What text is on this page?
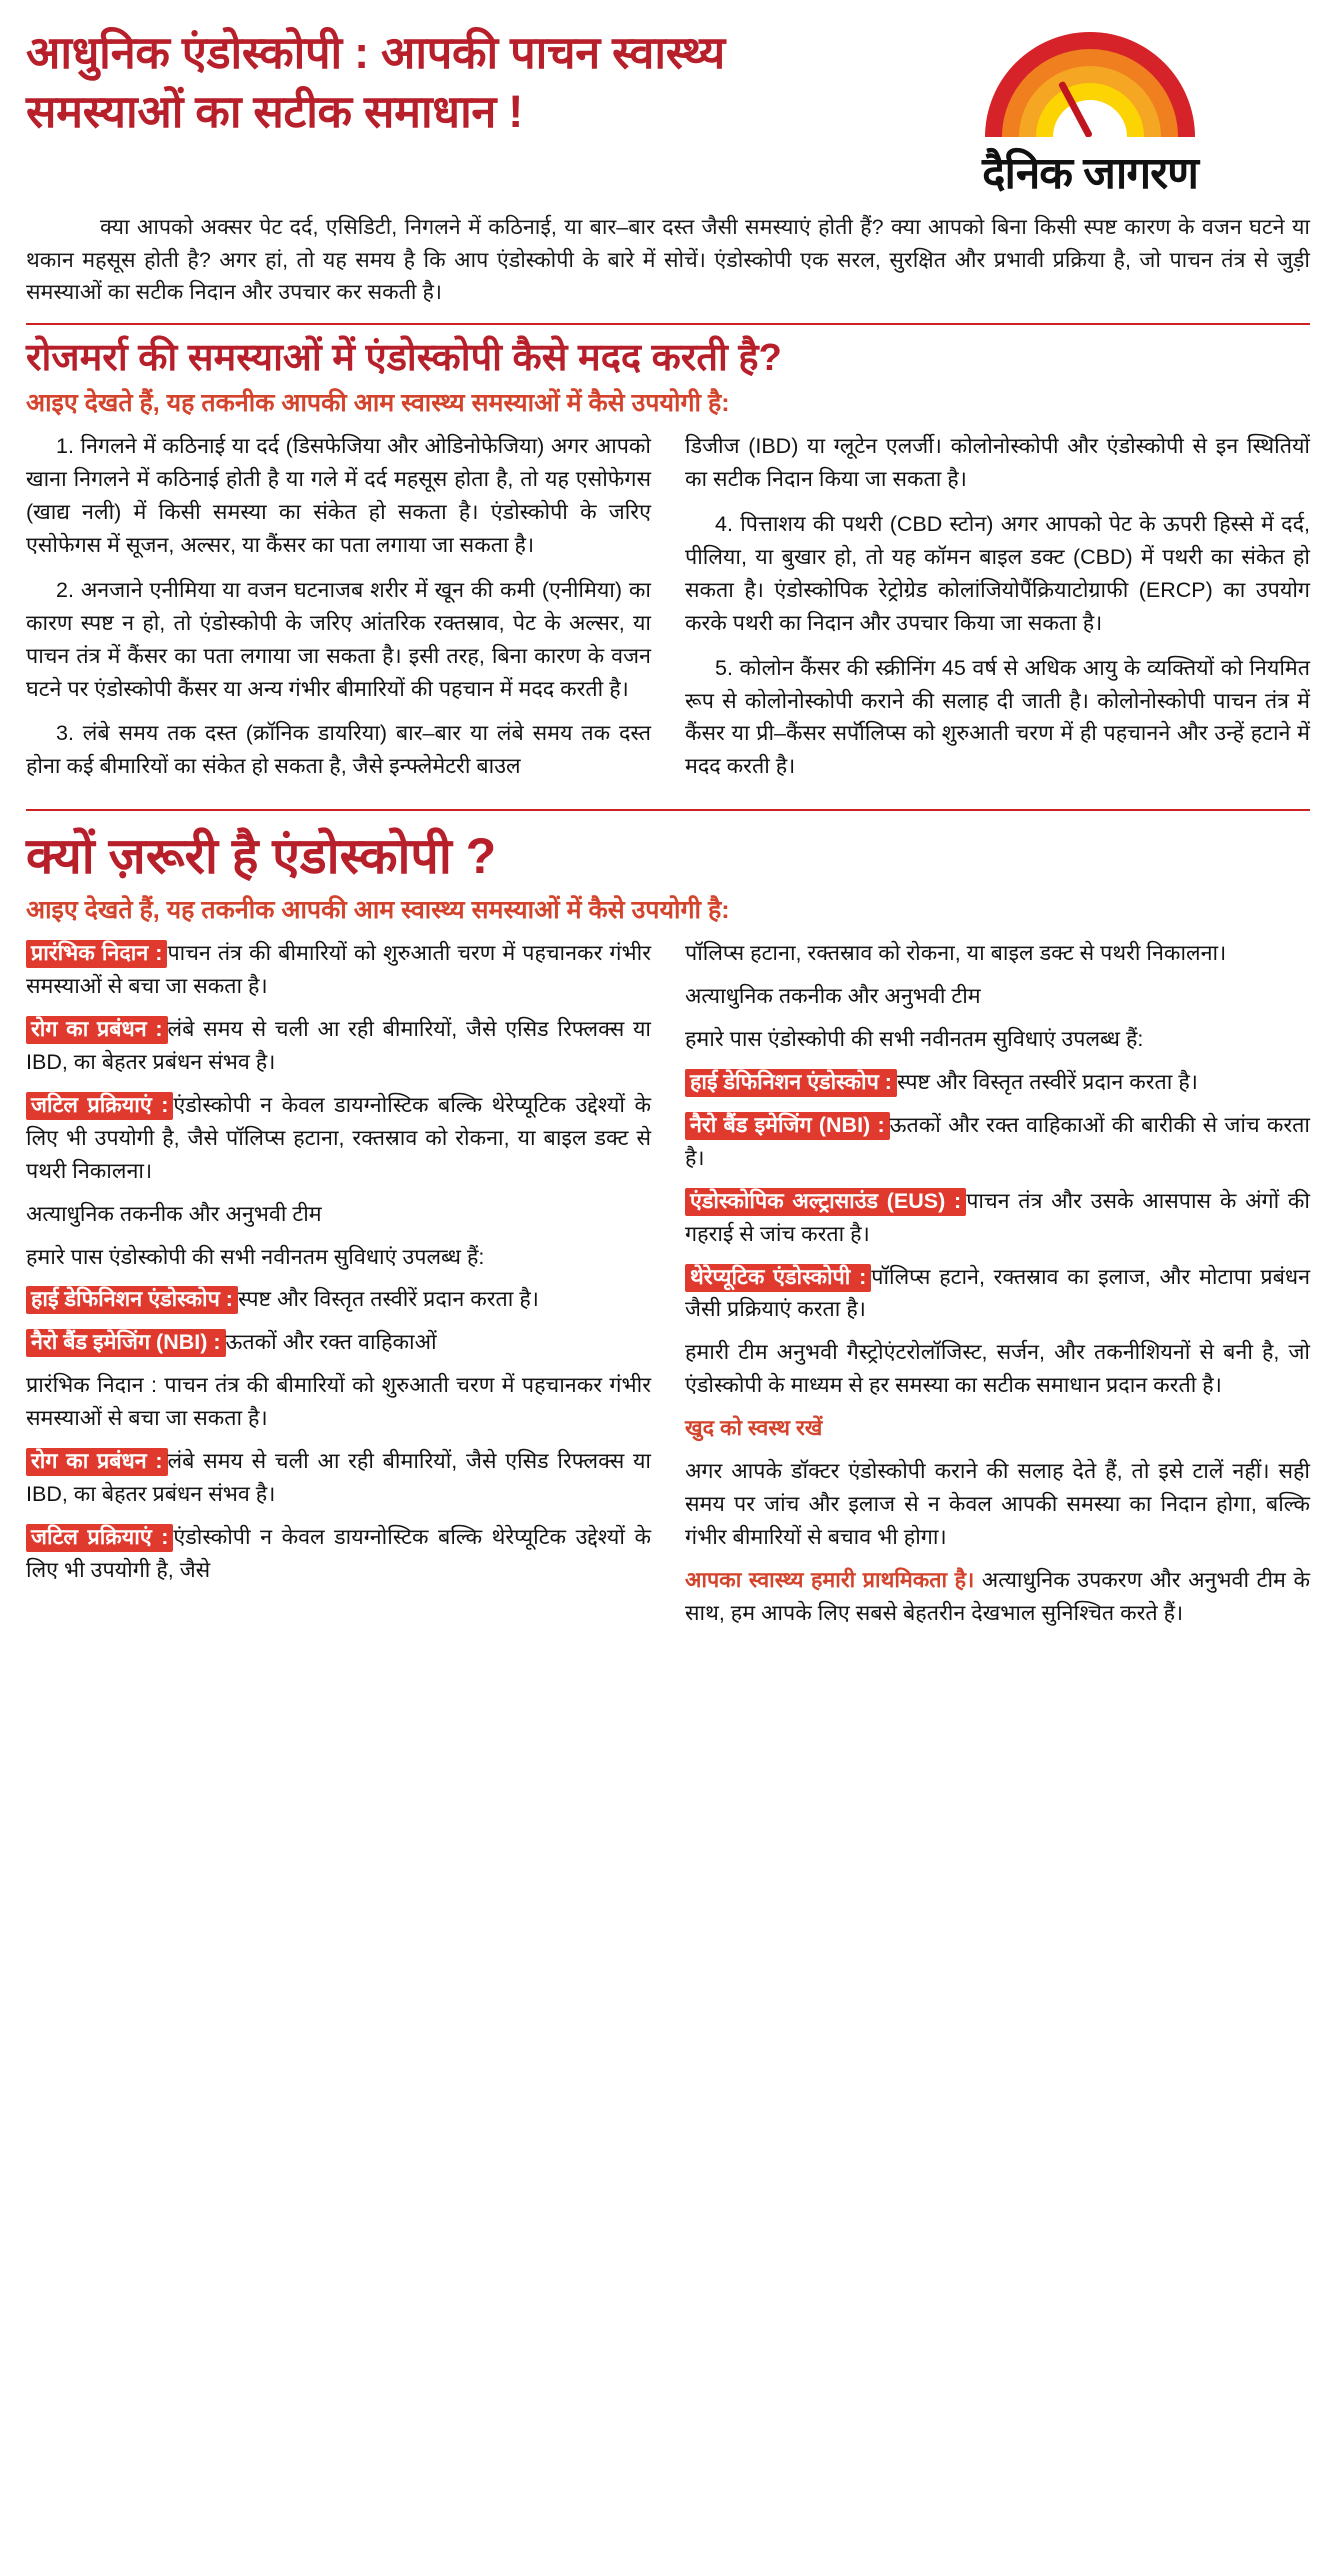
आधुनिक एंडोस्कोपी : आपकी पाचन स्वास्थ्य समस्याओं का सटीक समाधान !
दैनिक जागरण
क्या आपको अक्सर पेट दर्द, एसिडिटी, निगलने में कठिनाई, या बार–बार दस्त जैसी समस्याएं होती हैं? क्या आपको बिना किसी स्पष्ट कारण के वजन घटने या थकान महसूस होती है? अगर हां, तो यह समय है कि आप एंडोस्कोपी के बारे में सोचें। एंडोस्कोपी एक सरल, सुरक्षित और प्रभावी प्रक्रिया है, जो पाचन तंत्र से जुड़ी समस्याओं का सटीक निदान और उपचार कर सकती है।
रोजमर्रा की समस्याओं में एंडोस्कोपी कैसे मदद करती है?
आइए देखते हैं, यह तकनीक आपकी आम स्वास्थ्य समस्याओं में कैसे उपयोगी है:

1. निगलने में कठिनाई या दर्द (डिसफेजिया और ओडिनोफेजिया) अगर आपको खाना निगलने में कठिनाई होती है या गले में दर्द महसूस होता है, तो यह एसोफेगस (खाद्य नली) में किसी समस्या का संकेत हो सकता है। एंडोस्कोपी के जरिए एसोफेगस में सूजन, अल्सर, या कैंसर का पता लगाया जा सकता है।

2. अनजाने एनीमिया या वजन घटनाजब शरीर में खून की कमी (एनीमिया) का कारण स्पष्ट न हो, तो एंडोस्कोपी के जरिए आंतरिक रक्तस्राव, पेट के अल्सर, या पाचन तंत्र में कैंसर का पता लगाया जा सकता है। इसी तरह, बिना कारण के वजन घटने पर एंडोस्कोपी कैंसर या अन्य गंभीर बीमारियों की पहचान में मदद करती है।

3. लंबे समय तक दस्त (क्रॉनिक डायरिया) बार–बार या लंबे समय तक दस्त होना कई बीमारियों का संकेत हो सकता है, जैसे इन्फ्लेमेटरी बाउल

डिजीज (IBD) या ग्लूटेन एलर्जी। कोलोनोस्कोपी और एंडोस्कोपी से इन स्थितियों का सटीक निदान किया जा सकता है।

4. पित्ताशय की पथरी (CBD स्टोन) अगर आपको पेट के ऊपरी हिस्से में दर्द, पीलिया, या बुखार हो, तो यह कॉमन बाइल डक्ट (CBD) में पथरी का संकेत हो सकता है। एंडोस्कोपिक रेट्रोग्रेड कोलांजियोपैंक्रियाटोग्राफी (ERCP) का उपयोग करके पथरी का निदान और उपचार किया जा सकता है।

5. कोलोन कैंसर की स्क्रीनिंग 45 वर्ष से अधिक आयु के व्यक्तियों को नियमित रूप से कोलोनोस्कोपी कराने की सलाह दी जाती है। कोलोनोस्कोपी पाचन तंत्र में कैंसर या प्री–कैंसर सर्पाॅलिप्स को शुरुआती चरण में ही पहचानने और उन्हें हटाने में मदद करती है।

क्यों ज़रूरी है एंडोस्कोपी ?
आइए देखते हैं, यह तकनीक आपकी आम स्वास्थ्य समस्याओं में कैसे उपयोगी है:

प्रारंभिक निदान : पाचन तंत्र की बीमारियों को शुरुआती चरण में पहचानकर गंभीर समस्याओं से बचा जा सकता है।

रोग का प्रबंधन : लंबे समय से चली आ रही बीमारियों, जैसे एसिड रिफ्लक्स या IBD, का बेहतर प्रबंधन संभव है।

जटिल प्रक्रियाएं : एंडोस्कोपी न केवल डायग्नोस्टिक बल्कि थेरेप्यूटिक उद्देश्यों के लिए भी उपयोगी है, जैसे पॉलिप्स हटाना, रक्तस्राव को रोकना, या बाइल डक्ट से पथरी निकालना।

अत्याधुनिक तकनीक और अनुभवी टीम

हमारे पास एंडोस्कोपी की सभी नवीनतम सुविधाएं उपलब्ध हैं:

हाई डेफिनिशन एंडोस्कोप : स्पष्ट और विस्तृत तस्वीरें प्रदान करता है।

नैरो बैंड इमेजिंग (NBI) : ऊतकों और रक्त वाहिकाओं

प्रारंभिक निदान : पाचन तंत्र की बीमारियों को शुरुआती चरण में पहचानकर गंभीर समस्याओं से बचा जा सकता है।

रोग का प्रबंधन : लंबे समय से चली आ रही बीमारियों, जैसे एसिड रिफ्लक्स या IBD, का बेहतर प्रबंधन संभव है।

जटिल प्रक्रियाएं : एंडोस्कोपी न केवल डायग्नोस्टिक बल्कि थेरेप्यूटिक उद्देश्यों के लिए भी उपयोगी है, जैसे

पॉलिप्स हटाना, रक्तस्राव को रोकना, या बाइल डक्ट से पथरी निकालना।

अत्याधुनिक तकनीक और अनुभवी टीम

हमारे पास एंडोस्कोपी की सभी नवीनतम सुविधाएं उपलब्ध हैं:

हाई डेफिनिशन एंडोस्कोप : स्पष्ट और विस्तृत तस्वीरें प्रदान करता है।

नैरो बैंड इमेजिंग (NBI) : ऊतकों और रक्त वाहिकाओं की बारीकी से जांच करता है।

एंडोस्कोपिक अल्ट्रासाउंड (EUS) : पाचन तंत्र और उसके आसपास के अंगों की गहराई से जांच करता है।

थेरेप्यूटिक एंडोस्कोपी : पॉलिप्स हटाने, रक्तस्राव का इलाज, और मोटापा प्रबंधन जैसी प्रक्रियाएं करता है।

हमारी टीम अनुभवी गैस्ट्रोएंटरोलॉजिस्ट, सर्जन, और तकनीशियनों से बनी है, जो एंडोस्कोपी के माध्यम से हर समस्या का सटीक समाधान प्रदान करती है।

खुद को स्वस्थ रखें

अगर आपके डॉक्टर एंडोस्कोपी कराने की सलाह देते हैं, तो इसे टालें नहीं। सही समय पर जांच और इलाज से न केवल आपकी समस्या का निदान होगा, बल्कि गंभीर बीमारियों से बचाव भी होगा।

आपका स्वास्थ्य हमारी प्राथमिकता है। अत्याधुनिक उपकरण और अनुभवी टीम के साथ, हम आपके लिए सबसे बेहतरीन देखभाल सुनिश्चित करते हैं।
